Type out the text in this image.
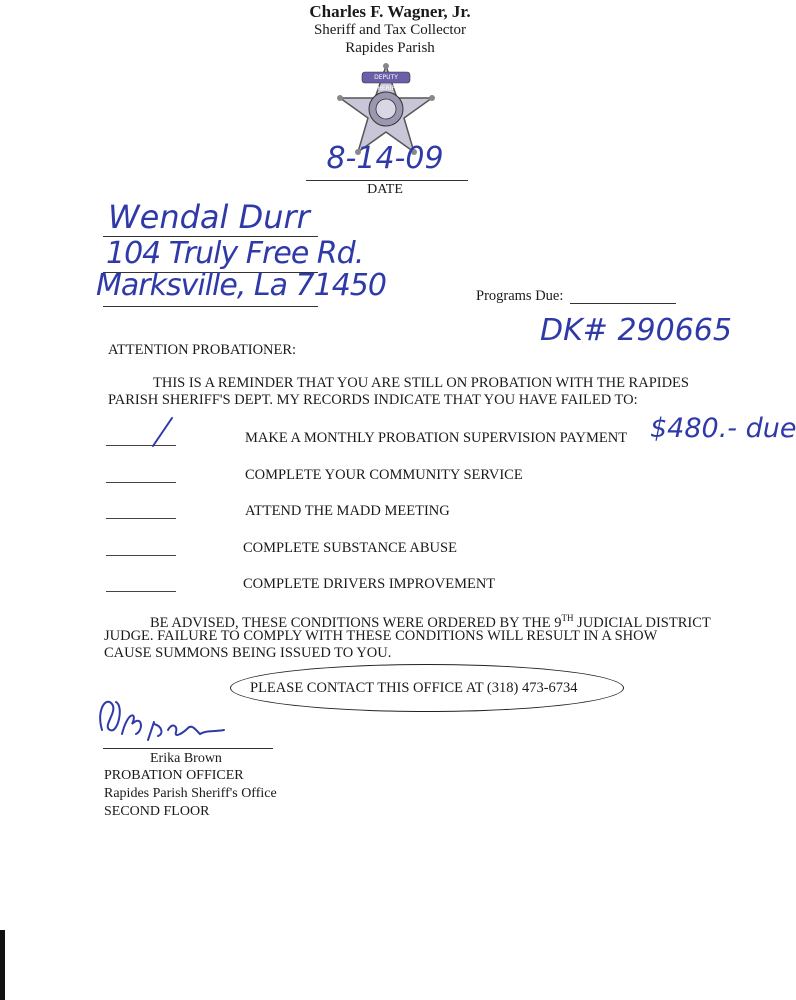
Charles F. Wagner, Jr.
Sheriff and Tax Collector
Rapides Parish
DEPUTY SHERIFF
8-14-09
DATE
Wendal Durr
104 Truly Free Rd.
Marksville, La 71450	Programs Due:
DK# 290665
ATTENTION PROBATIONER:
THIS IS A REMINDER THAT YOU ARE STILL ON PROBATION WITH THE RAPIDES
PARISH SHERIFF'S DEPT. MY RECORDS INDICATE THAT YOU HAVE FAILED TO:
MAKE A MONTHLY PROBATION SUPERVISION PAYMENT $480.- due
COMPLETE YOUR COMMUNITY SERVICE
ATTEND THE MADD MEETING
COMPLETE SUBSTANCE ABUSE
COMPLETE DRIVERS IMPROVEMENT
BE ADVISED, THESE CONDITIONS WERE ORDERED BY THE 9TH JUDICIAL DISTRICT
JUDGE. FAILURE TO COMPLY WITH THESE CONDITIONS WILL RESULT IN A SHOW
CAUSE SUMMONS BEING ISSUED TO YOU.
PLEASE CONTACT THIS OFFICE AT (318) 473-6734
Erika Brown
PROBATION OFFICER
Rapides Parish Sheriff's Office
SECOND FLOOR
